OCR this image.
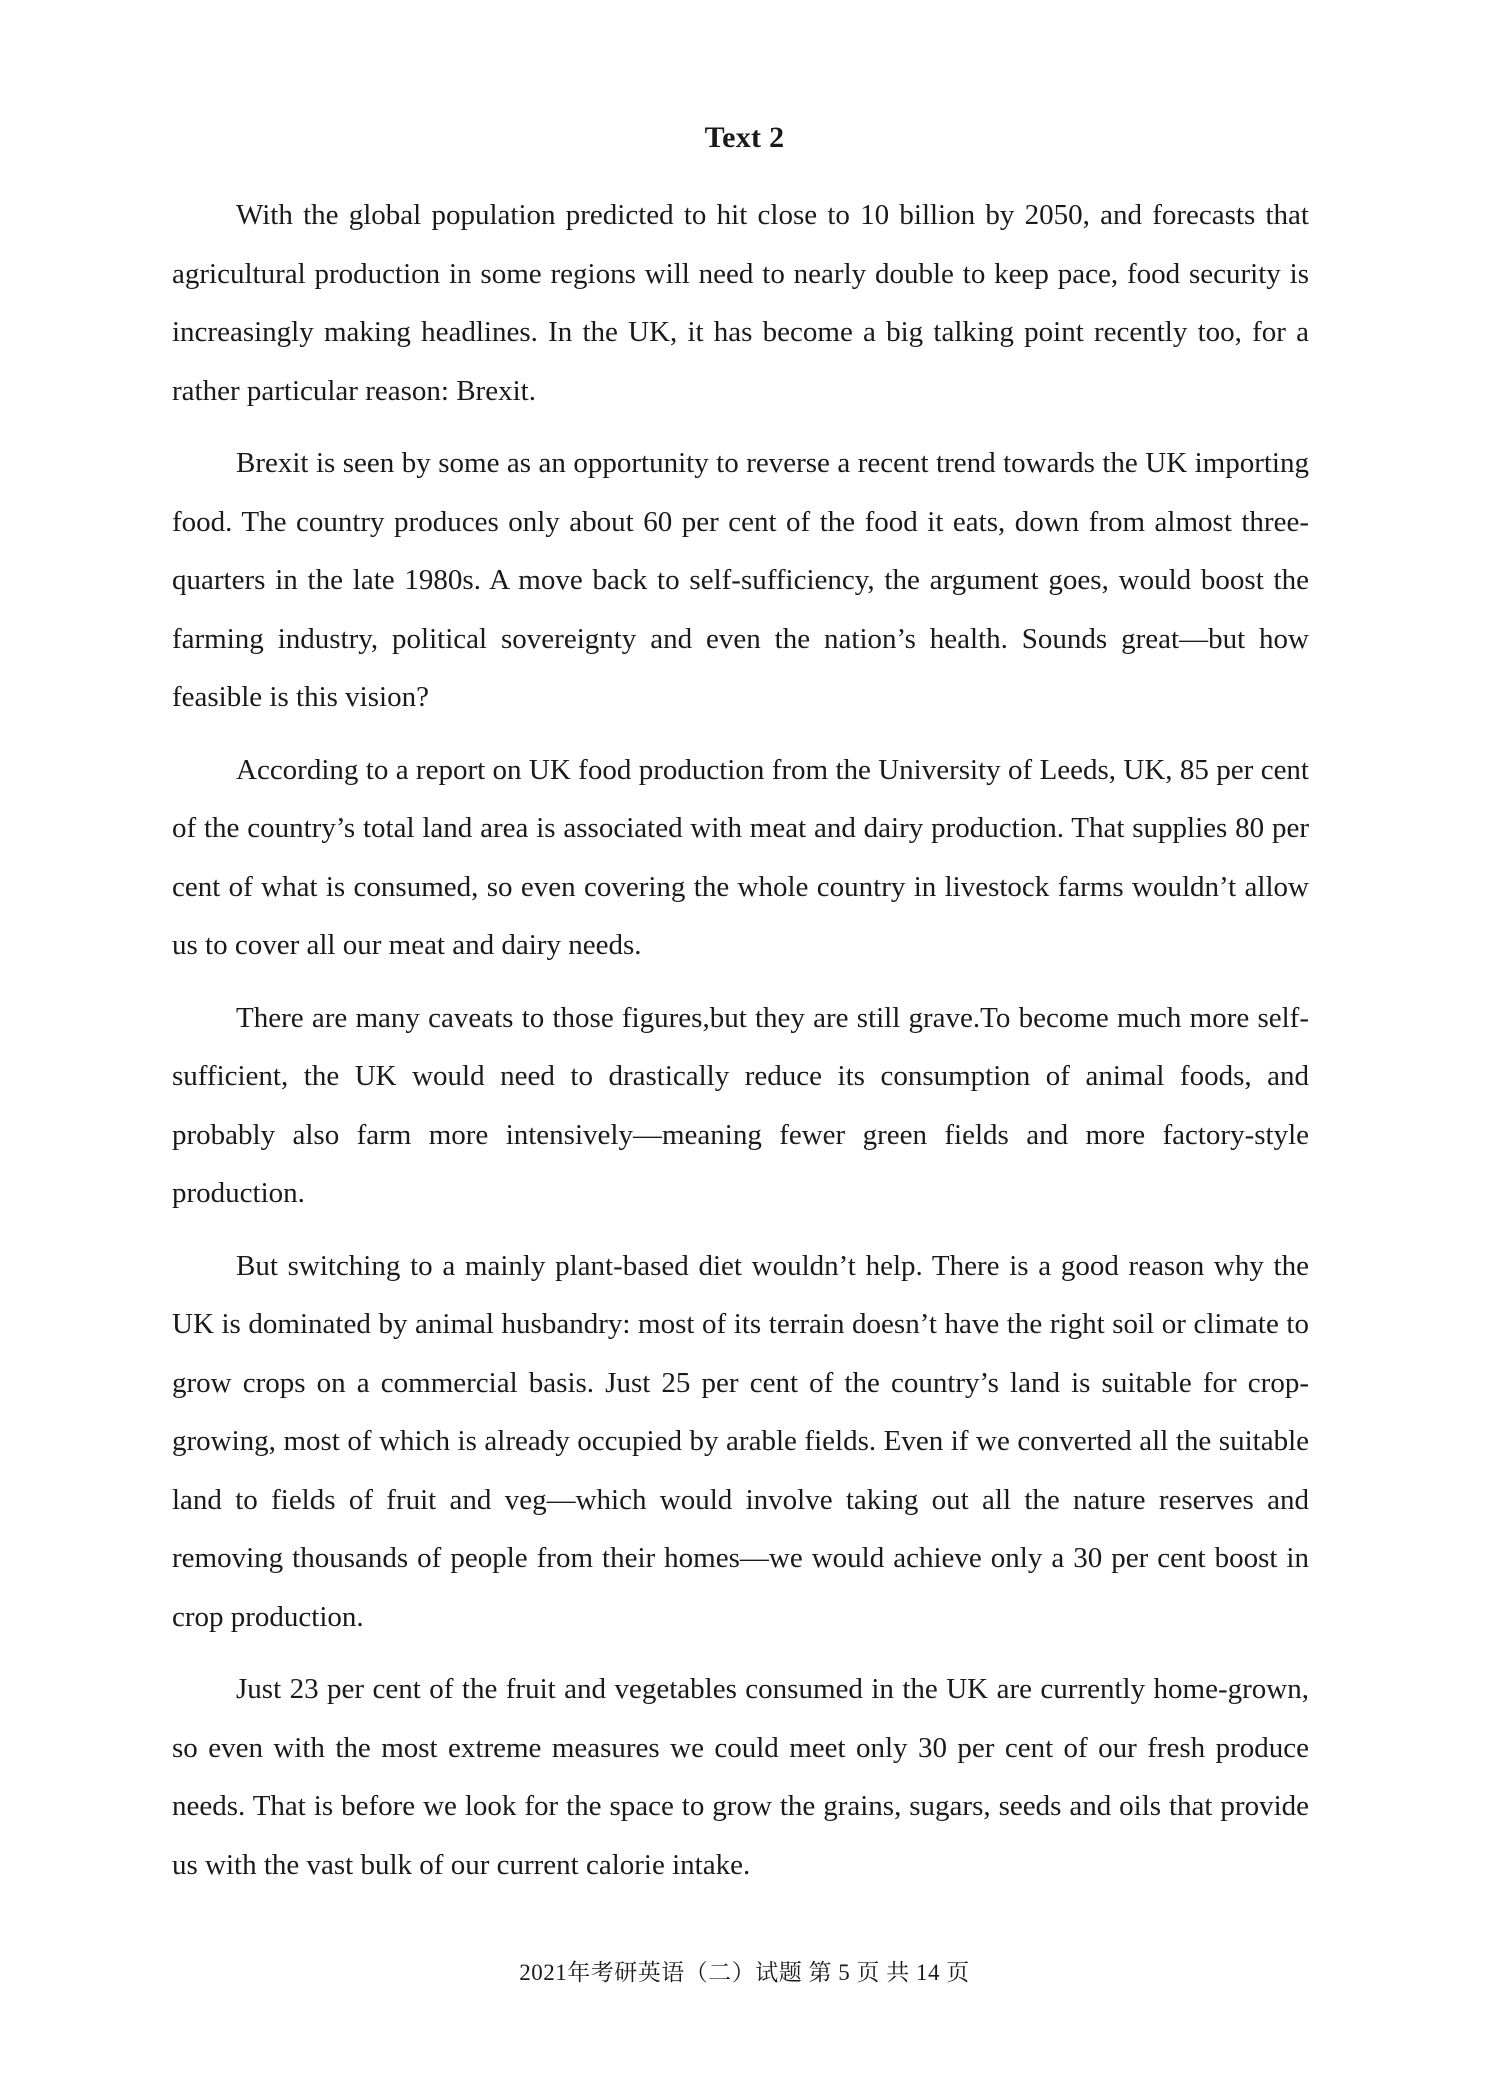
Text 2

With the global population predicted to hit close to 10 billion by 2050, and forecasts that agricultural production in some regions will need to nearly double to keep pace, food security is increasingly making headlines. In the UK, it has become a big talking point recently too, for a rather particular reason: Brexit.

Brexit is seen by some as an opportunity to reverse a recent trend towards the UK importing food. The country produces only about 60 per cent of the food it eats, down from almost three-quarters in the late 1980s. A move back to self-sufficiency, the argument goes, would boost the farming industry, political sovereignty and even the nation’s health. Sounds great—but how feasible is this vision?

According to a report on UK food production from the University of Leeds, UK, 85 per cent of the country’s total land area is associated with meat and dairy production. That supplies 80 per cent of what is consumed, so even covering the whole country in livestock farms wouldn’t allow us to cover all our meat and dairy needs.

There are many caveats to those figures,but they are still grave.To become much more self-sufficient, the UK would need to drastically reduce its consumption of animal foods, and probably also farm more intensively—meaning fewer green fields and more factory-style production.

But switching to a mainly plant-based diet wouldn’t help. There is a good reason why the UK is dominated by animal husbandry: most of its terrain doesn’t have the right soil or climate to grow crops on a commercial basis. Just 25 per cent of the country’s land is suitable for crop-growing, most of which is already occupied by arable fields. Even if we converted all the suitable land to fields of fruit and veg—which would involve taking out all the nature reserves and removing thousands of people from their homes—we would achieve only a 30 per cent boost in crop production.

Just 23 per cent of the fruit and vegetables consumed in the UK are currently home-grown, so even with the most extreme measures we could meet only 30 per cent of our fresh produce needs. That is before we look for the space to grow the grains, sugars, seeds and oils that provide us with the vast bulk of our current calorie intake.

2021年考研英语（二）试题 第 5 页 共 14 页
